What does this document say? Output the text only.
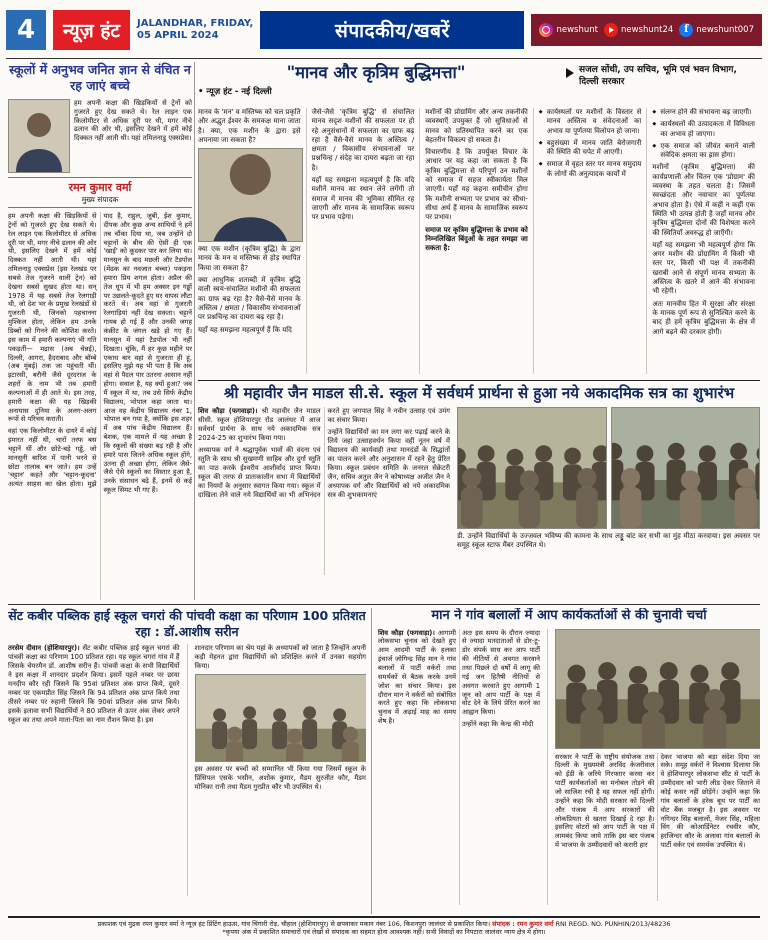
4	न्यूज़ हंट	JALANDHAR, FRIDAY,
05 APRIL 2024	संपादकीय/खबरें	newshunt	newshunt24 f	newshunt007
स्कूलों में अनुभव जनित ज्ञान से वंचित न रह जाएं बच्चे

हम अपनी कक्षा की खिड़कियों से ट्रेनों को गुजरते हुए देख सकते थे। रेल लाइन एक किलोमीटर से अधिक दूरी पर थी, मगर नीचे ढलान की ओर थी, इसलिए देखने में हमें कोई दिक्कत नहीं आती थी। यहां तमिलनाडु एक्सप्रेस।

रमन कुमार वर्मा
मुख्य संपादक

हम अपनी कक्षा की खिड़कियों से ट्रेनों को गुजरते हुए देख सकते थे। रेल लाइन एक किलोमीटर से अधिक दूरी पर थी, मगर नीचे ढलान की ओर थी, इसलिए देखने में हमें कोई दिक्कत नहीं आती थी। यहां तमिलनाडु एक्सप्रेस (इस रेलखंड पर सबसे तेज गुजरने वाली ट्रेन) को देखना सबसे सुखद होता था। सन् 1978 में यह सबसे तेज रेलगाड़ी थी, जो देश भर के प्रमुख रेलखंडों से गुजरती थी, जिनको पहचानना मुश्किल होता, लेकिन हम उनके डिब्बों को गिनने की कोशिश करते। इस काम में हमारी कल्पनाएं भी गति पकड़तीं— मद्रास (अब चेन्नई), दिल्ली, आगरा, हैदराबाद और बॉम्बे (अब मुंबई) तक जा पहुंचती थीं। इटारसी, बरौनी जैसे दूरदराज के शहरों के नाम भी तब हमारी कल्पनाओं में ही आते थे। इस तरह, हमारी कक्षा की यह खिड़की अनायास दुनिया के अलग-अलग रूपों से परिचय कराती।

वहां एक किलोमीटर के दायरे में कोई इमारत नहीं थी, चारों तरफ बस चट्टानें थीं और छोटे-बड़े गड्ढे, जो मानसूनी बारिश में पानी भरने से छोटा तालाब बन जाते। हम उन्हें 'चट्टान' कहते और 'चट्टान-कूदना' अत्यंत साहस का खेल होता। मुझे याद है, राहुल, जुबी, ईश कुमार, दीपक और कुछ अन्य साथियों ने हमें तब चौंका दिया था, जब उन्होंने दो चट्टानों के बीच की ऐसी ही एक 'खाई' को कूदकर पार कर लिया था। मानसून के बाद मछली और टैडपोल (मेंढक का नवजात बच्चा) पकड़ना हमारा प्रिय शगल होता। अप्रैल की तेज धूप में भी हम अक्सर इन गड्ढों पर उछलते-कूदते हुए घर वापस लौटा करते थे। अब वहां से गुजरती रेलगाड़ियां नहीं देख सकता। चट्टानें गायब हो गई हैं और उनकी जगह कंक्रीट के जंगल खड़े हो गए हैं। मानसून में यहां टैडपोल भी नहीं दिखता। चूंकि, मैं हर कुछ महीने पर एकाध बार वहां से गुजरता ही हूं, इसलिए मुझे यह भी पता है कि अब वहां से पैदल पार उतरना आसान नहीं होगा। सवाल है, यह क्यों हुआ? जब मैं स्कूल में था, तब उसे सिर्फ केंद्रीय विद्यालय, भोपाल कहा जाता था। आज वह केंद्रीय विद्यालय नंबर 1, भोपाल बन गया है, क्योंकि इस शहर में अब पांच केंद्रीय विद्यालय हैं। बेशक, एक मामले में यह अच्छा है कि स्कूलों की संख्या बढ़ रही है और हमारे पास जितने अधिक स्कूल होंगे, उतना ही अच्छा होगा, लेकिन जैसे-जैसे ऐसे स्कूलों का विस्तार हुआ है, उनके संसाधन बढ़े हैं, इनमें से कई स्कूल सिमट भी गए हैं।

"मानव और कृत्रिम बुद्धिमत्ता"
• न्यूज़ हंट - नई दिल्ली
सजल सोंधी, उप सचिव, भूमि एवं भवन विभाग, दिल्ली सरकार

मानव के 'मन' व मस्तिष्क को चल प्रकृति और अद्भुत ईश्वर के समकक्ष माना जाता है। क्या, एक मशीन के द्वारा इसे अपनाया जा सकता है?

क्या एक मशीन (कृत्रिम बुद्धि) के द्वारा मानव के मन व मस्तिष्क से होड़ स्थापित किया जा सकता है?

क्या आधुनिक शताब्दी में कृत्रिम बुद्धि वाली स्वयं-संचालित मशीनों की सफलता का ग्राफ बढ़ रहा है? वैसे-वैसे मानव के अस्तित्व / क्षमता / विकासीय संभावनाओं पर प्रश्नचिन्ह का दायरा बढ़ रहा है।

यहाँ यह समझना महत्वपूर्ण हैं कि यदि

जैसे-जैसे 'कृत्रिम बुद्धि' से संचालित मानव सदृश मशीनों की सफलता पर हो रहे अनुसंधानों में सफलता का ग्राफ बढ़ रहा है वैसे-वैसे मानव के अस्तित्व / क्षमता / विकासीय संभावनाओं पर प्रश्नचिन्ह / संदेह का दायरा बढ़ता जा रहा है।

यहाँ यह समझना महत्वपूर्ण है कि यदि मशीनें मानव का स्थान लेने लगेंगी तो समाज में मानव की भूमिका सीमित रह जाएगी और मानव के सामाजिक स्वरूप पर प्रभाव पड़ेगा।

मशीनों की प्रोग्रामिंग और अन्य तकनीकी व्यवस्थाएँ उपयुक्त हैं जो सुविधाओं से मानव को प्रतिस्थापित करने का एक बेहतरीन विकल्प हो सकता है।

विचारणीय है कि उपर्युक्त विचार के आधार पर यह कहा जा सकता है कि कृत्रिम बुद्धिमत्ता से परिपूर्ण उन मशीनों को समाज में सहज स्वीकार्यता मिल जाएगी। यहाँ यह कहना समीचीन होगा कि मशीनी सभ्यता पर प्रभाव का सीधा-सीधा अर्थ हैं मानव के सामाजिक स्वरूप पर प्रभाव।

समाज पर कृत्रिम बुद्धिमत्ता के प्रभाव को निम्नलिखित बिंदुओं के तहत समझा जा सकता है:

◆ कार्यस्थलों पर मशीनों के विस्तार से मानव अस्तित्व व संवेदनाओं का अभाव या पूर्णतया विलोपन हो जाना।

◆ बहुसंख्या में मानव जाति बेरोजगारी की स्थिति की चपेट में आएगी।

◆ समाज में वृहत स्तर पर मानव समुदाय के लोगों की अनुत्पादक कार्यों में

◆ संलग्न होने की संभावना बढ़ जाएगी।

◆ कार्यस्थलों की उत्पादकता में विविधता का अभाव हो जाएगा।

◆ एक समाज को जीवंत बनाने वाली संवेदिक क्षमता का ह्रास होगा।

मशीनों (कृत्रिम बुद्धिमत्ता) की कार्यप्रणाली और चिंतन एक 'प्रोग्राम' की व्यवस्था के तहत चलता है। जिसमें स्वच्छंदता और नवाचार का पूर्णतया अभाव होता है। ऐसे में कहीं न कहीं एक स्थिति भी उत्पन्न होती है जहाँ मानव और कृत्रिम बुद्धिमत्ता दोनों की विशेषता करने की स्थितियाँ अवरुद्ध हो जाएँगी।

यहाँ यह समझना भी महत्वपूर्ण होगा कि अगर मशीन की प्रोग्रामिंग में किसी भी स्तर पर, किसी भी पक्ष में तकनीकी खराबी आने से संपूर्ण मानव सभ्यता के अस्तित्व के खतरे में आने की संभावना भी रहेगी।

अतः मानवीय हित में सुरक्षा और संरक्षा के मानक पूर्ण रूप से सुनिश्चित करने के बाद ही हमें कृत्रिम बुद्धिमत्ता के क्षेत्र में आगे बढ़ने की दरकार होगी।

श्री महावीर जैन माडल सी.से. स्कूल में सर्वधर्म प्रार्थना से हुआ नये अकादमिक सत्र का शुभारंभ

शिव कौड़ा (फगवाड़ा)। श्री महावीर जैन माडल सीसी. स्कूल होशियारपुर रोड जालंधर में आज सर्वधर्म प्रार्थना के साथ नये अकादमिक सत्र 2024-25 का शुभारंभ किया गया।

अध्यापक वर्ग ने श्रद्धापूर्वक भावों की वंदना एवं स्तुति के साथ श्री सुखमणी साहिब और दुर्गा स्तुति का पाठ करके ईश्वरीय आशीर्वाद प्राप्त किया। स्कूल की तरफ से प्रातःकालीन सभा में विद्यार्थियों का नियमों के अनुसार स्वागत किया गया। स्कूल में दाखिला लेने वाले नये विद्यार्थियों का भी अभिनंदन करते हुए जगपाल सिंह ने नवीन उत्साह एवं उमंग का संचार किया।

उन्होंने विद्यार्थियों का मन लगा कर पढ़ाई करने के लिये जहां उत्साहवर्धन किया वहीं नूतन वर्ष में विद्यालय की कार्यवाही तथा मानदंडों के सिद्धांतों का पालन करने और अनुशासन में रहने हेतु प्रेरित किया। स्कूल प्रबंधन समिति के जनरल सेक्रेटरी जैन, सचिव अतुल जैन ने कोषाध्यक्ष अजीत जैन ने अध्यापक वर्ग और विद्यार्थियों को नये अकादमिक सत्र की शुभकामनाएं

डी. उन्होंने विद्यार्थियों के उज्जवल भविष्य की कामना के साथ लड्डू बांट कर सभी का मुंह मीठा करवाया। इस अवसर पर समूह स्कूल स्टाफ मैंबर उपस्थित थे।

सेंट कबीर पब्लिक हाई स्कूल चगरां की पांचवी कक्षा का परिणाम 100 प्रतिशत रहा : डॉ.आशीष सरीन

तरसेम दीवान (होशियारपुर)। सेंट कबीर पब्लिक हाई स्कूल चगरां की पांचवी कक्षा का परिणाम 100 प्रतिशत रहा। यह स्कूल चगरां गांव में हैं जिसके चेयरमैन डॉ. आशीष सरीन हैं। पांचवी कक्षा के सभी विद्यार्थियों ने इस कक्षा में शानदार प्रदर्शन किया। इसमें पहले नम्बर पर छाया मनदीप कौर रही जिसने कि 95वां प्रतिशत अंक प्राप्त किये, दूसरे नम्बर पर एकमप्रीत सिंह जिसने कि 94 प्रतिशत अंक प्राप्त किये तथा तीसरे नम्बर पर रुहानी जिसने कि 90वां प्रतिशत अंक प्राप्त किये। इसके इलावा सभी विद्यार्थियों ने 80 प्रतिशत से ऊपर अंक लेकर अपने स्कूल का तथा अपने माता-पिता का नाम रौशन किया है। इस

शानदार परिणाम का श्रेय यहां के अध्यापकों को जाता है जिन्होंने अपनी कड़ी मेहनत द्वारा विद्यार्थियों को प्रशिक्षित करने में उनका सहयोग किया।

इस अवसर पर बच्चों को सम्मानित भी किया गया जिसमें स्कूल के प्रिंसिपल एसके भसीन, अशोक कुमार, मैडम सुरजीत कौर, मैडम मोनिका रानी तथा मैडम गुरप्रीत कौर भी उपस्थित थे।

मान ने गांव बलालों में आप कार्यकर्ताओं से की चुनावी चर्चा

शिव कौड़ा (फगवाड़ा)। आगामी लोकसभा चुनाव को देखते हुए आम आदमी पार्टी के हलका इंचार्ज जोगिन्द्र सिंह मान ने गांव बलालों में पार्टी वर्करों तथा समर्थकों से बैठक करके उनमें जोश का संचार किया। इस दौरान मान ने वर्करों को संबोधित करते हुए कहा कि लोकसभा चुनाव में अढ़ाई माह का समय शेष है।

अतः इस समय के दौरान ज्यादा से ज्यादा मतदाताओं से डोर-टू-डोर संपर्क साध कर आप पार्टी की नीतियों से अवगत करवाने तथा पिछले दो वर्षों में लागू की गई जन हितैषी नीतियों से अवगत करवाते हुए आगामी 1 जून को आप पार्टी के पक्ष में वोट देने के लिये प्रेरित करने का आह्वान किया।

उन्होंने कहा कि केन्द्र की मोदी

सरकार ने पार्टी के राष्ट्रीय संयोजक तथा दिल्ली के मुख्यमंत्री अरविंद केजरीवाल को ईडी के जरिये गिरफ्तार करवा कर पार्टी कार्यकर्ताओं का मनोबल तोड़ने की जो साजिश रची है वह सफल नहीं होगी। उन्होंने कहा कि मोदी सरकार को दिल्ली और पंजाब में आप सरकारों की लोकप्रियता से खतरा दिखाई दे रहा है। इसलिए वोटरों को आप पार्टी के पक्ष में लामबंद किया जाये ताकि इस बार पंजाब में भाजपा के उम्मीदवारों को करारी हार

देकर भाजपा को बड़ा संदेश दिया जा सके। समूह वर्करों ने विश्वास दिलाया कि वे होशियारपुर लोकसभा सीट से पार्टी के उम्मीदवार को भारी लीड देकर जिताने में कोई कसर नहीं छोड़ेंगे। उन्होंने कहा कि गांव बलालों के हरेक बूथ पर पार्टी का वोट बैंक मजबूत है। इस अवसर पर नगिन्दर सिंह बलालों, मेजर सिंह, महिला विंग की कोआर्डिनेटर रचवीर कौर, हरजिन्दर कौर के अलावा गांव बलालों के पार्टी वर्कर एवं समर्थक उपस्थित थे।

प्रकाशक एवं मुद्रक रमन कुमार वर्मा ने न्यूज़ हंट प्रिंटिंग हाऊस, गांव चिंगारी रोड़, चौहाल (होशियारपुर) से छपवाकर मकान नंबर 106, किशनपुरा जालंधर से प्रकाशित किया। संपादक : रमन कुमार वर्मा RNI REGD. NO. PUNHIN/2013/48236
*कृपया अंक में प्रकाशित समाचारों एवं लेखों से संपादक का सहमत होना आवश्यक नहीं। सभी विवादों का निपटारा जालंधर न्याय क्षेत्र में होगा।
